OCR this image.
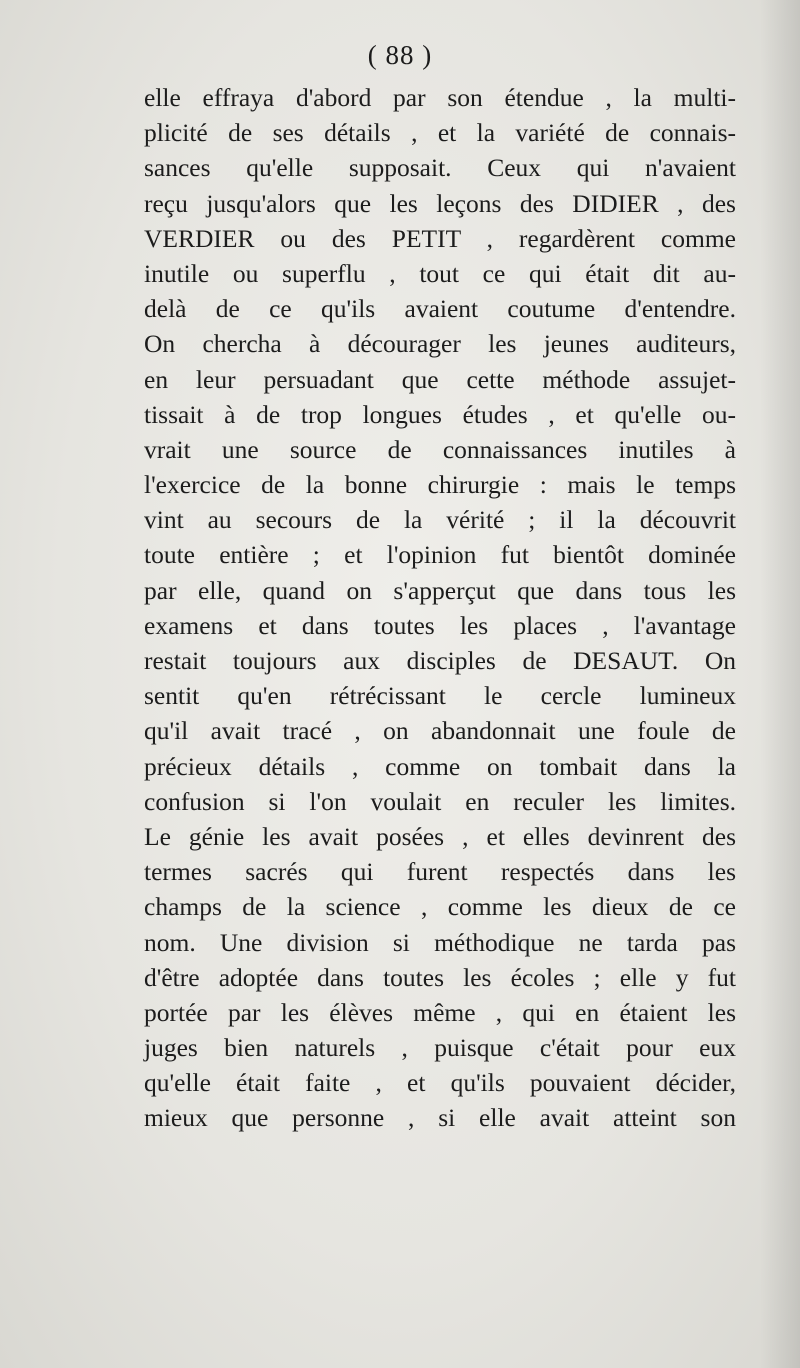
( 88 )
elle effraya d'abord par son étendue , la multi-
plicité de ses détails , et la variété de connais-
sances qu'elle supposait. Ceux qui n'avaient
reçu jusqu'alors que les leçons des DIDIER , des
VERDIER ou des PETIT , regardèrent comme
inutile ou superflu , tout ce qui était dit au-
delà de ce qu'ils avaient coutume d'entendre.
On chercha à décourager les jeunes auditeurs,
en leur persuadant que cette méthode assujet-
tissait à de trop longues études , et qu'elle ou-
vrait une source de connaissances inutiles à
l'exercice de la bonne chirurgie : mais le temps
vint au secours de la vérité ; il la découvrit
toute entière ; et l'opinion fut bientôt dominée
par elle, quand on s'apperçut que dans tous les
examens et dans toutes les places , l'avantage
restait toujours aux disciples de DESAUT. On
sentit qu'en rétrécissant le cercle lumineux
qu'il avait tracé , on abandonnait une foule de
précieux détails , comme on tombait dans la
confusion si l'on voulait en reculer les limites.
Le génie les avait posées , et elles devinrent des
termes sacrés qui furent respectés dans les
champs de la science , comme les dieux de ce
nom. Une division si méthodique ne tarda pas
d'être adoptée dans toutes les écoles ; elle y fut
portée par les élèves même , qui en étaient les
juges bien naturels , puisque c'était pour eux
qu'elle était faite , et qu'ils pouvaient décider,
mieux que personne , si elle avait atteint son
